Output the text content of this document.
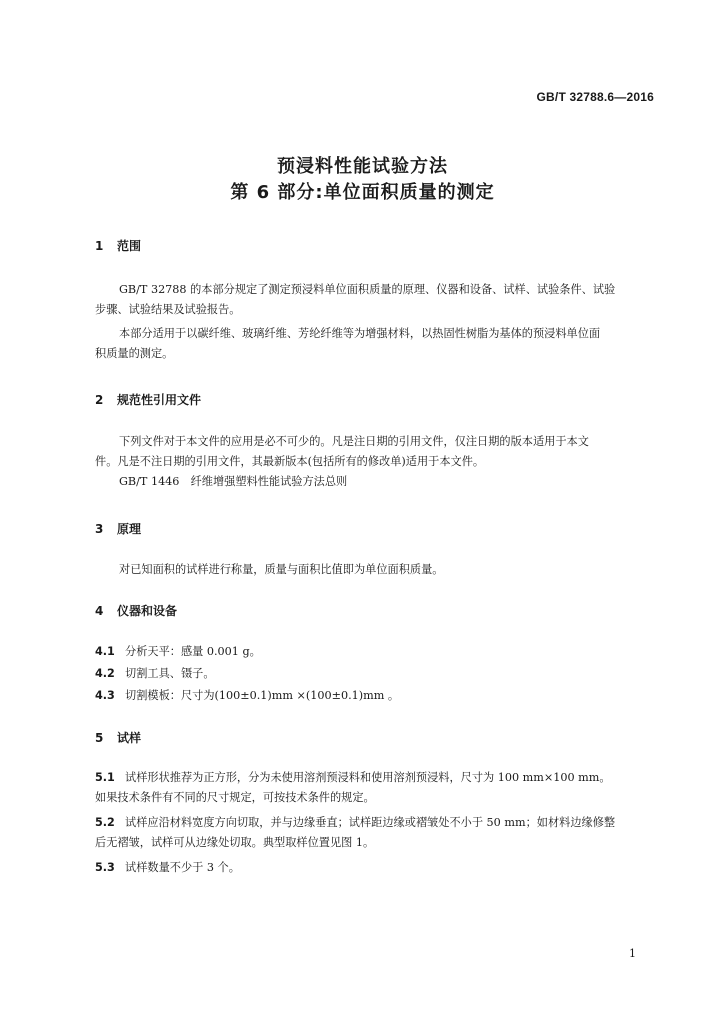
GB/T 32788.6—2016
预浸料性能试验方法
第 6 部分:单位面积质量的测定
1 范围
GB/T 32788 的本部分规定了测定预浸料单位面积质量的原理、仪器和设备、试样、试验条件、试验
步骤、试验结果及试验报告。
本部分适用于以碳纤维、玻璃纤维、芳纶纤维等为增强材料，以热固性树脂为基体的预浸料单位面
积质量的测定。
2 规范性引用文件
下列文件对于本文件的应用是必不可少的。凡是注日期的引用文件，仅注日期的版本适用于本文
件。凡是不注日期的引用文件，其最新版本(包括所有的修改单)适用于本文件。
GB/T 1446　纤维增强塑料性能试验方法总则
3 原理
对已知面积的试样进行称量，质量与面积比值即为单位面积质量。
4 仪器和设备
4.1 分析天平：感量 0.001 g。
4.2 切割工具、镊子。
4.3 切割模板：尺寸为(100±0.1)mm ×(100±0.1)mm 。
5 试样
5.1 试样形状推荐为正方形，分为未使用溶剂预浸料和使用溶剂预浸料，尺寸为 100 mm×100 mm。
如果技术条件有不同的尺寸规定，可按技术条件的规定。
5.2 试样应沿材料宽度方向切取，并与边缘垂直；试样距边缘或褶皱处不小于 50 mm；如材料边缘修整
后无褶皱，试样可从边缘处切取。典型取样位置见图 1。
5.3 试样数量不少于 3 个。
1
